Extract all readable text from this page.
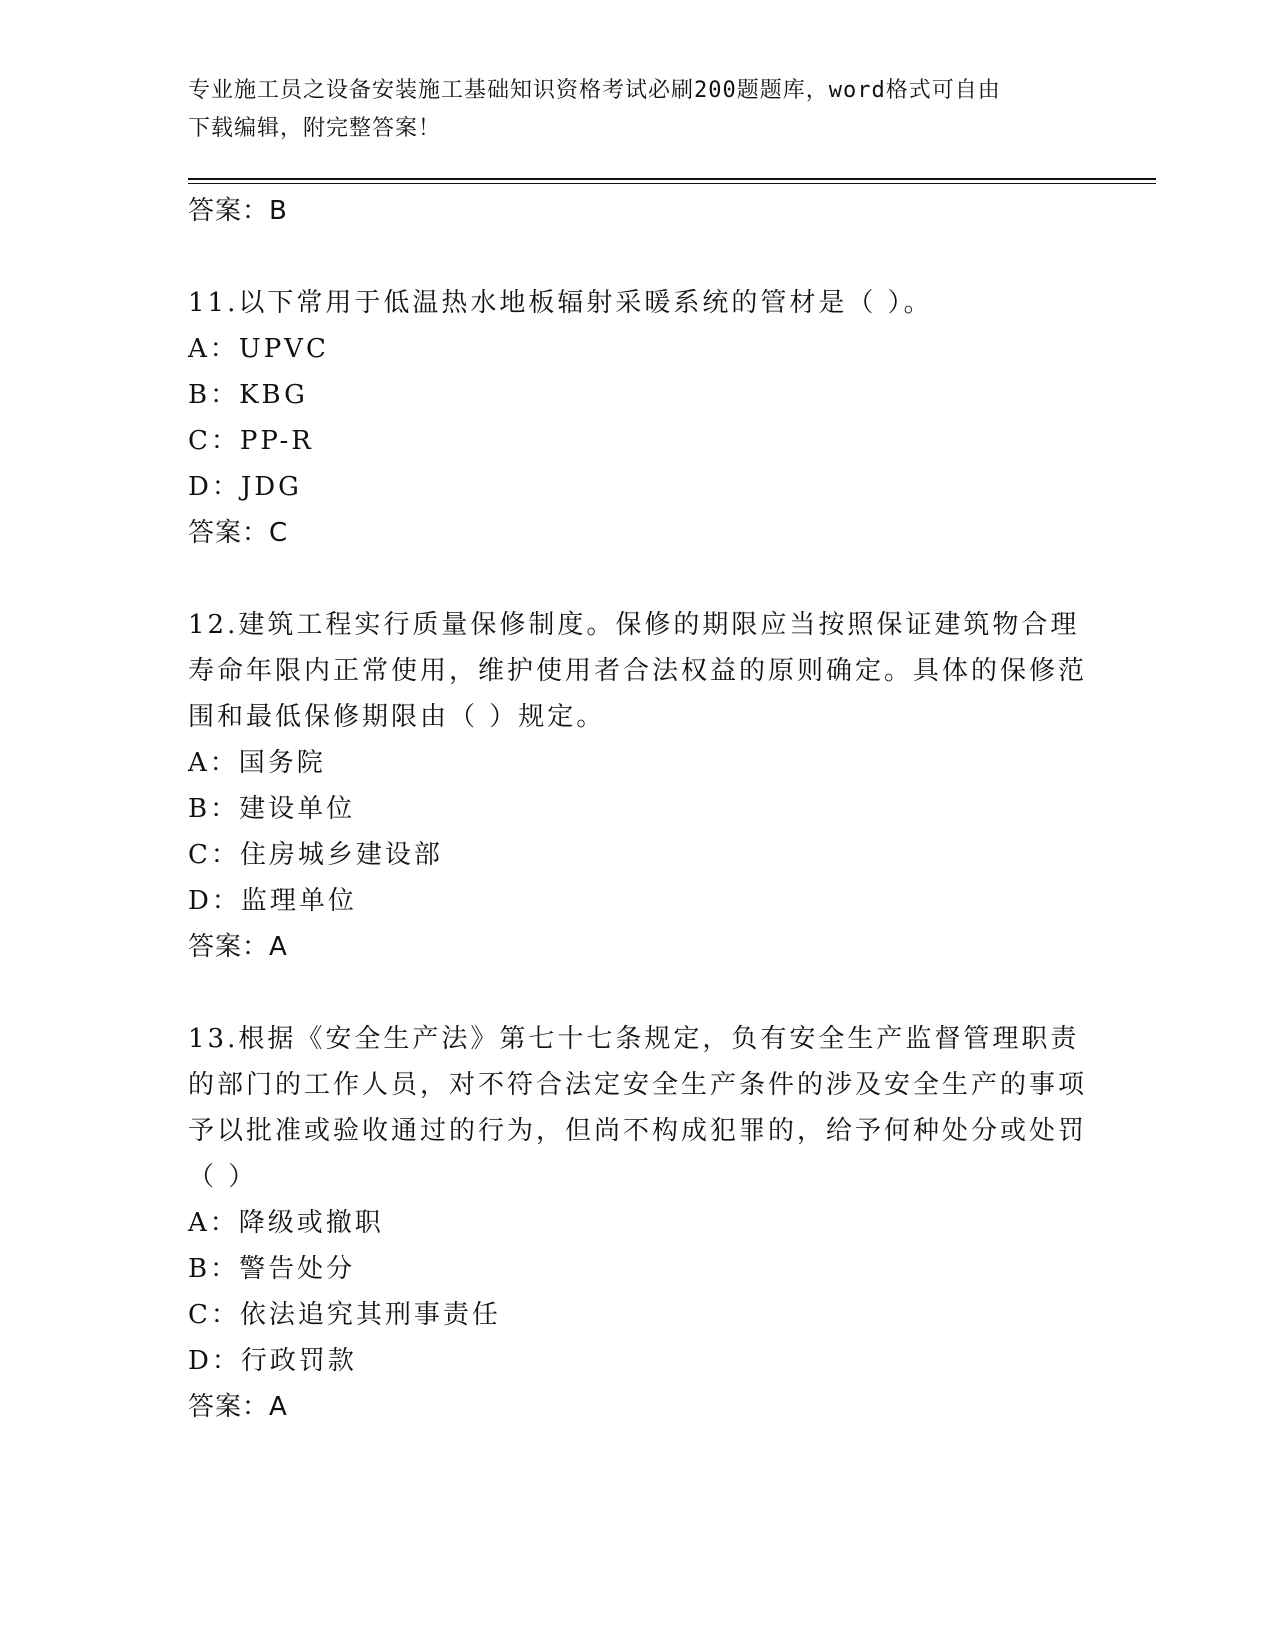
专业施工员之设备安装施工基础知识资格考试必刷200题题库，word格式可自由
下载编辑，附完整答案！
答案：B
11.以下常用于低温热水地板辐射采暖系统的管材是（ ）。
A：UPVC
B：KBG
C：PP-R
D：JDG
答案：C
12.建筑工程实行质量保修制度。保修的期限应当按照保证建筑物合理寿命年限内正常使用，维护使用者合法权益的原则确定。具体的保修范围和最低保修期限由（ ）规定。
A：国务院
B：建设单位
C：住房城乡建设部
D：监理单位
答案：A
13.根据《安全生产法》第七十七条规定，负有安全生产监督管理职责的部门的工作人员，对不符合法定安全生产条件的涉及安全生产的事项予以批准或验收通过的行为，但尚不构成犯罪的，给予何种处分或处罚（ ）
A：降级或撤职
B：警告处分
C：依法追究其刑事责任
D：行政罚款
答案：A
